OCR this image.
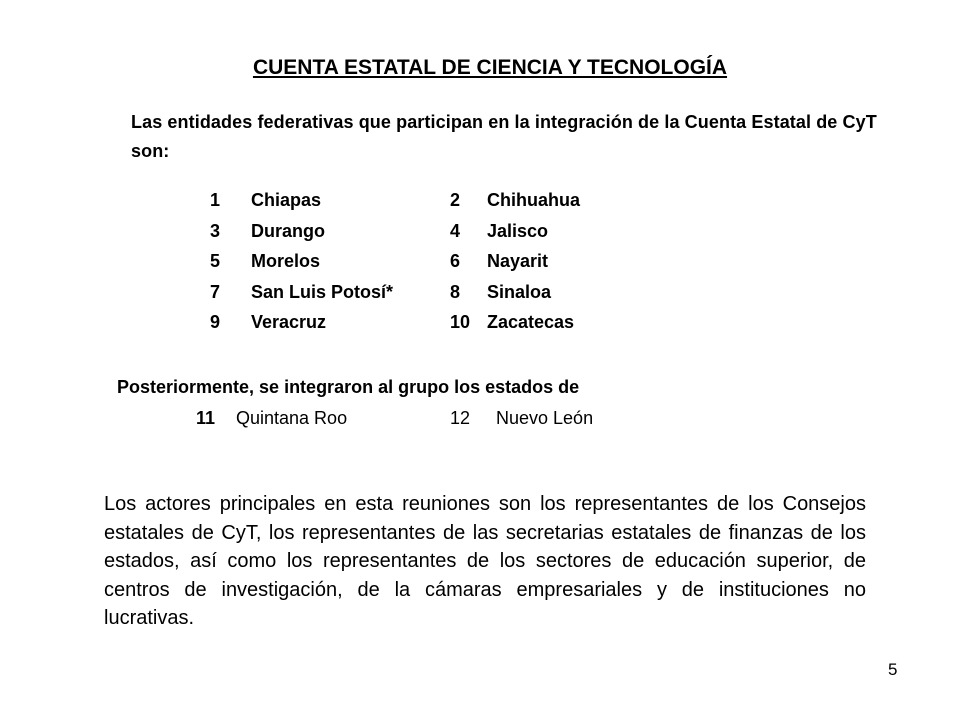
CUENTA ESTATAL DE CIENCIA Y TECNOLOGÍA

Las entidades federativas que participan en la integración de la Cuenta Estatal de CyT son:

1 Chiapas	2 Chihuahua
3 Durango	4 Jalisco
5 Morelos	6 Nayarit
7 San Luis Potosí*	8 Sinaloa
9 Veracruz	10 Zacatecas

Posteriormente, se integraron al grupo los estados de

11 Quintana Roo	12 Nuevo León

Los actores principales en esta reuniones son los representantes de los Consejos estatales de CyT, los representantes de las secretarias estatales de finanzas de los estados, así como los representantes de los sectores de educación superior, de centros de investigación, de la cámaras empresariales y de instituciones no lucrativas.

5
